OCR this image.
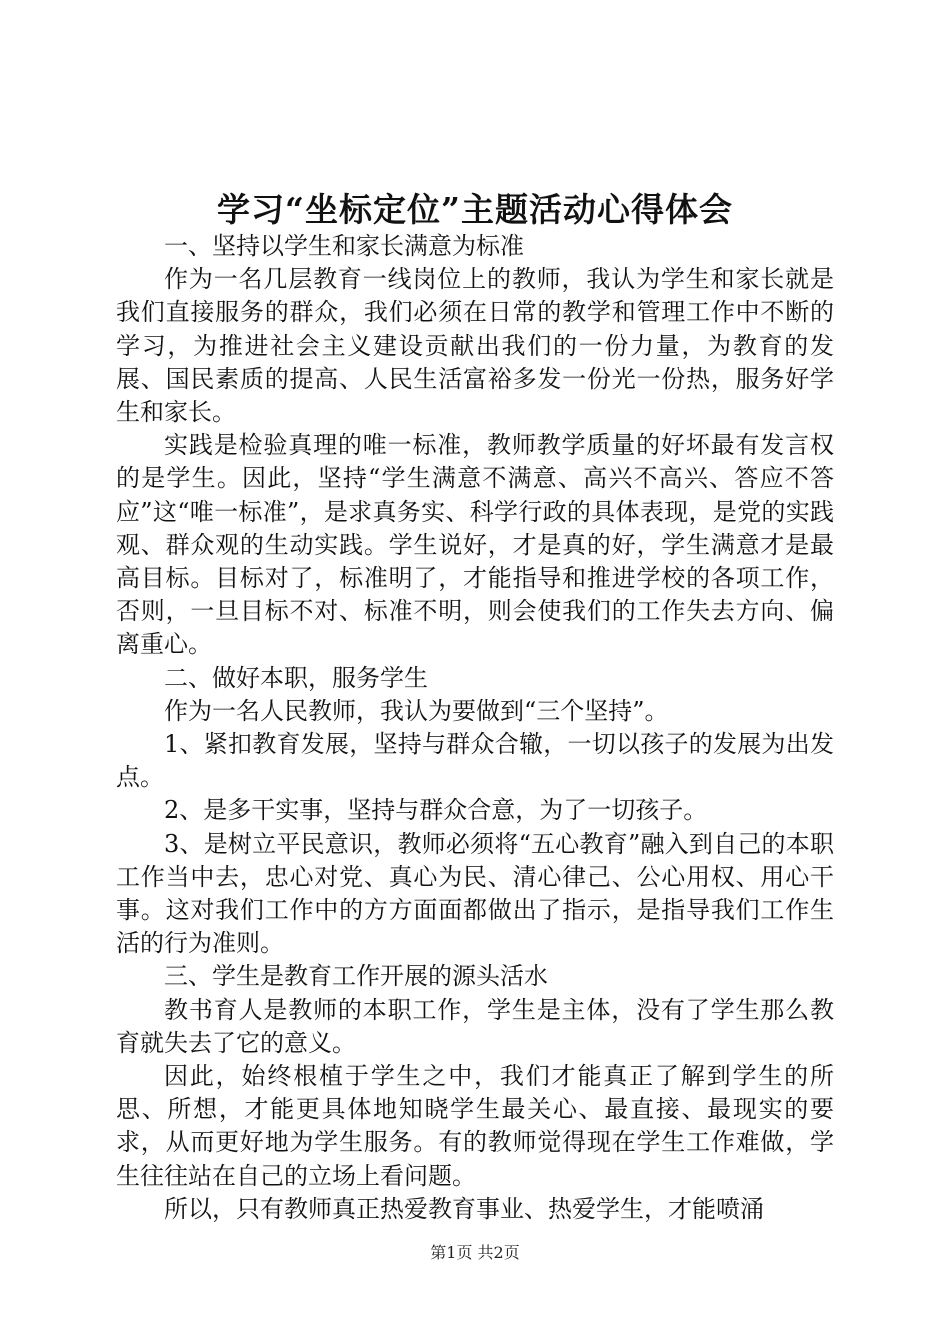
学习“坐标定位”主题活动心得体会

一、坚持以学生和家长满意为标准

作为一名几层教育一线岗位上的教师，我认为学生和家长就是我们直接服务的群众，我们必须在日常的教学和管理工作中不断的学习，为推进社会主义建设贡献出我们的一份力量，为教育的发展、国民素质的提高、人民生活富裕多发一份光一份热，服务好学生和家长。

实践是检验真理的唯一标准，教师教学质量的好坏最有发言权的是学生。因此，坚持“学生满意不满意、高兴不高兴、答应不答应”这“唯一标准”，是求真务实、科学行政的具体表现，是党的实践观、群众观的生动实践。学生说好，才是真的好，学生满意才是最高目标。目标对了，标准明了，才能指导和推进学校的各项工作，否则，一旦目标不对、标准不明，则会使我们的工作失去方向、偏离重心。

二、做好本职，服务学生

作为一名人民教师，我认为要做到“三个坚持”。

1、紧扣教育发展，坚持与群众合辙，一切以孩子的发展为出发点。

2、是多干实事，坚持与群众合意，为了一切孩子。

3、是树立平民意识，教师必须将“五心教育”融入到自己的本职工作当中去，忠心对党、真心为民、清心律己、公心用权、用心干事。这对我们工作中的方方面面都做出了指示，是指导我们工作生活的行为准则。

三、学生是教育工作开展的源头活水

教书育人是教师的本职工作，学生是主体，没有了学生那么教育就失去了它的意义。

因此，始终根植于学生之中，我们才能真正了解到学生的所思、所想，才能更具体地知晓学生最关心、最直接、最现实的要求，从而更好地为学生服务。有的教师觉得现在学生工作难做，学生往往站在自己的立场上看问题。

所以，只有教师真正热爱教育事业、热爱学生，才能喷涌

第1页 共2页
